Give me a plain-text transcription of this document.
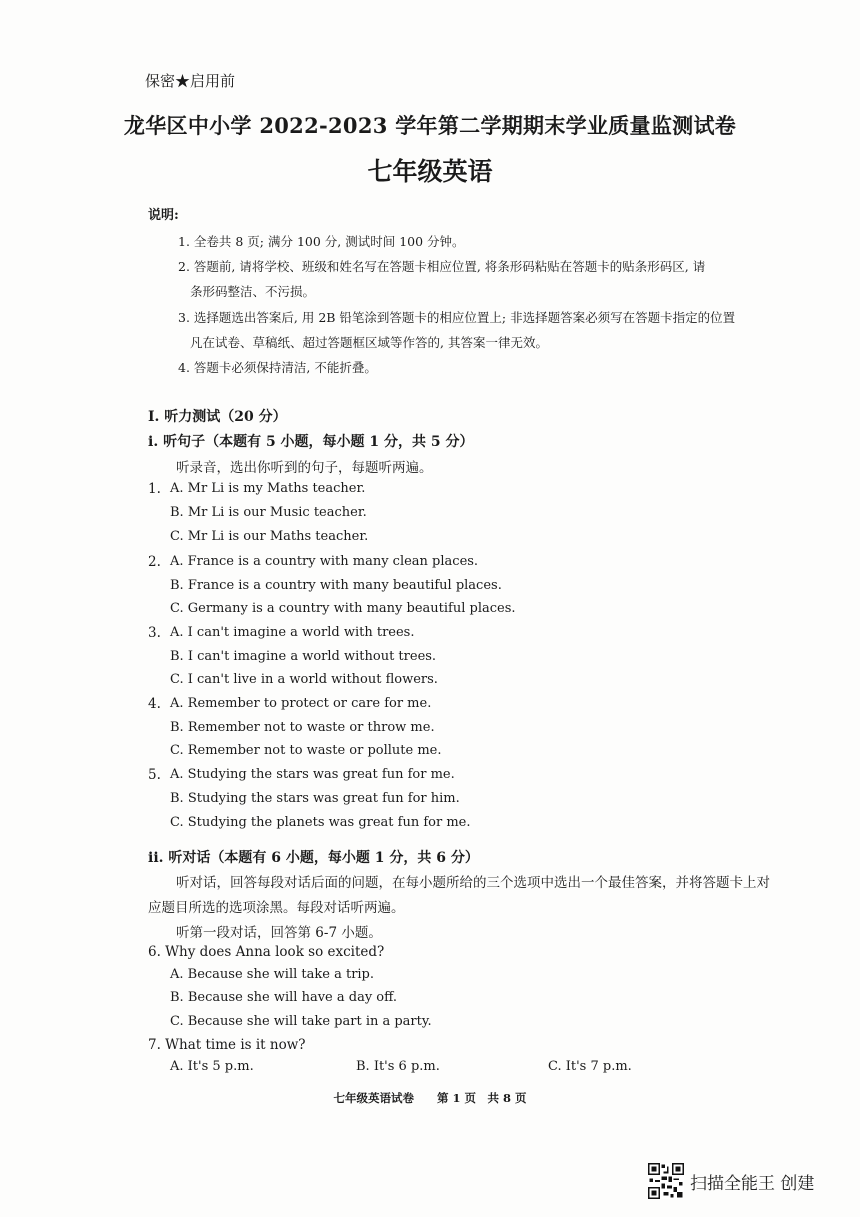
保密★启用前
龙华区中小学 2022-2023 学年第二学期期末学业质量监测试卷
七年级英语
说明:
1. 全卷共 8 页; 满分 100 分, 测试时间 100 分钟。
2. 答题前, 请将学校、班级和姓名写在答题卡相应位置, 将条形码粘贴在答题卡的贴条形码区, 请
条形码整洁、不污损。
3. 选择题选出答案后, 用 2B 铅笔涂到答题卡的相应位置上; 非选择题答案必须写在答题卡指定的位置
凡在试卷、草稿纸、超过答题框区域等作答的, 其答案一律无效。
4. 答题卡必须保持清洁, 不能折叠。
Ⅰ. 听力测试（20 分）
i. 听句子（本题有 5 小题，每小题 1 分，共 5 分）
听录音，选出你听到的句子，每题听两遍。
1. A. Mr Li is my Maths teacher.
B. Mr Li is our Music teacher.
C. Mr Li is our Maths teacher.
2. A. France is a country with many clean places.
B. France is a country with many beautiful places.
C. Germany is a country with many beautiful places.
3. A. I can't imagine a world with trees.
B. I can't imagine a world without trees.
C. I can't live in a world without flowers.
4. A. Remember to protect or care for me.
B. Remember not to waste or throw me.
C. Remember not to waste or pollute me.
5. A. Studying the stars was great fun for me.
B. Studying the stars was great fun for him.
C. Studying the planets was great fun for me.
ii. 听对话（本题有 6 小题，每小题 1 分，共 6 分）
听对话，回答每段对话后面的问题，在每小题所给的三个选项中选出一个最佳答案，并将答题卡上对
应题目所选的选项涂黑。每段对话听两遍。
听第一段对话，回答第 6-7 小题。
6. Why does Anna look so excited?
A. Because she will take a trip.
B. Because she will have a day off.
C. Because she will take part in a party.
7. What time is it now?
A. It's 5 p.m.	B. It's 6 p.m.	C. It's 7 p.m.
七年级英语试卷　　第 1 页　共 8 页
扫描全能王 创建
